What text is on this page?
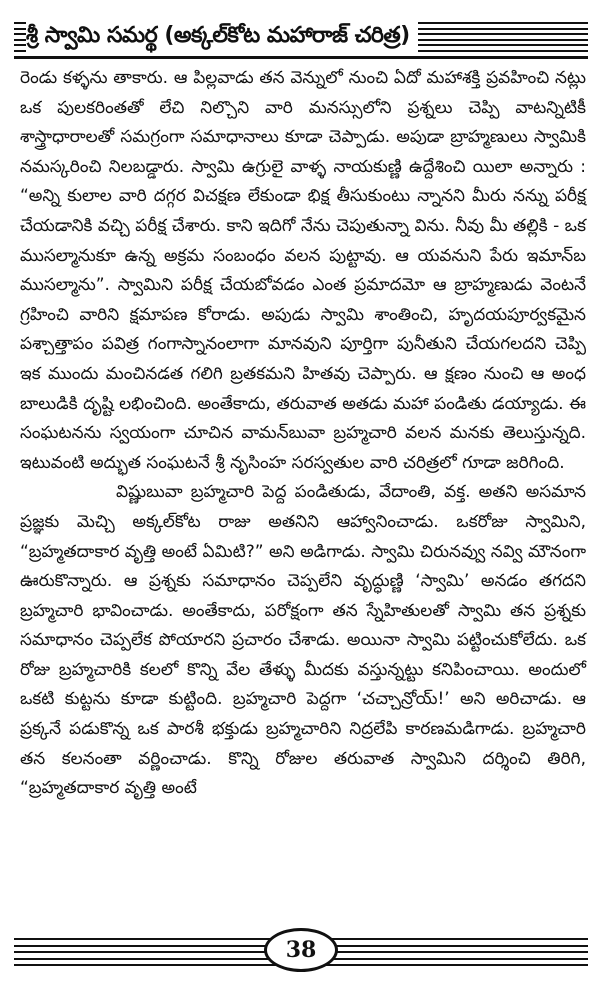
శ్రీ స్వామి సమర్థ (అక్కల్‌కోట మహారాజ్ చరిత్ర)

రెండు కళ్ళను తాకారు. ఆ పిల్లవాడు తన వెన్నులో నుంచి ఏదో మహాశక్తి ప్రవహించి నట్లు ఒక పులకరింతతో లేచి నిల్చొని వారి మనస్సులోని ప్రశ్నలు చెప్పి వాటన్నిటికీ శాస్త్రాధారాలతో సమగ్రంగా సమాధానాలు కూడా చెప్పాడు. అపుడా బ్రాహ్మణులు స్వామికి నమస్కరించి నిలబడ్డారు. స్వామి ఉగ్రులై వాళ్ళ నాయకుణ్ణి ఉద్దేశించి యిలా అన్నారు : “అన్ని కులాల వారి దగ్గర విచక్షణ లేకుండా భిక్ష తీసుకుంటు న్నానని మీరు నన్ను పరీక్ష చేయడానికి వచ్చి పరీక్ష చేశారు. కాని ఇదిగో నేను చెపుతున్నా విను. నీవు మీ తల్లికి - ఒక ముసల్మానుకూ ఉన్న అక్రమ సంబంధం వలన పుట్టావు. ఆ యవనుని పేరు ఇమాన్‌బ ముసల్మాను”. స్వామిని పరీక్ష చేయబోవడం ఎంత ప్రమాదమో ఆ బ్రాహ్మణుడు వెంటనే గ్రహించి వారిని క్షమాపణ కోరాడు. అపుడు స్వామి శాంతించి, హృదయపూర్వకమైన పశ్చాత్తాపం పవిత్ర గంగాస్నానంలాగా మానవుని పూర్తిగా పునీతుని చేయగలదని చెప్పి ఇక ముందు మంచినడత గలిగి బ్రతకమని హితవు చెప్పారు. ఆ క్షణం నుంచి ఆ అంధ బాలుడికి దృష్టి లభించింది. అంతేకాదు, తరువాత అతడు మహా పండితు డయ్యాడు. ఈ సంఘటనను స్వయంగా చూచిన వామన్‌బువా బ్రహ్మచారి వలన మనకు తెలుస్తున్నది. ఇటువంటి అద్భుత సంఘటనే శ్రీ నృసింహ సరస్వతుల వారి చరిత్రలో గూడా జరిగింది.

విష్ణుబువా బ్రహ్మచారి పెద్ద పండితుడు, వేదాంతి, వక్త. అతని అసమాన ప్రజ్ఞకు మెచ్చి అక్కల్‌కోట రాజు అతనిని ఆహ్వానించాడు. ఒకరోజు స్వామిని, “బ్రహ్మతదాకార వృత్తి అంటే ఏమిటి?” అని అడిగాడు. స్వామి చిరునవ్వు నవ్వి మౌనంగా ఊరుకొన్నారు. ఆ ప్రశ్నకు సమాధానం చెప్పలేని వృద్ధుణ్ణి ‘స్వామి’ అనడం తగదని బ్రహ్మచారి భావించాడు. అంతేకాదు, పరోక్షంగా తన స్నేహితులతో స్వామి తన ప్రశ్నకు సమాధానం చెప్పలేక పోయారని ప్రచారం చేశాడు. అయినా స్వామి పట్టించుకోలేదు. ఒక రోజు బ్రహ్మచారికి కలలో కొన్ని వేల తేళ్ళు మీదకు వస్తున్నట్టు కనిపించాయి. అందులో ఒకటి కుట్టను కూడా కుట్టింది. బ్రహ్మచారి పెద్దగా ‘చచ్చాన్రోయ్!’ అని అరిచాడు. ఆ ప్రక్కనే పడుకొన్న ఒక పారశీ భక్తుడు బ్రహ్మచారిని నిద్రలేపి కారణమడిగాడు. బ్రహ్మచారి తన కలనంతా వర్ణించాడు. కొన్ని రోజుల తరువాత స్వామిని దర్శించి తిరిగి, “బ్రహ్మతదాకార వృత్తి అంటే

38
